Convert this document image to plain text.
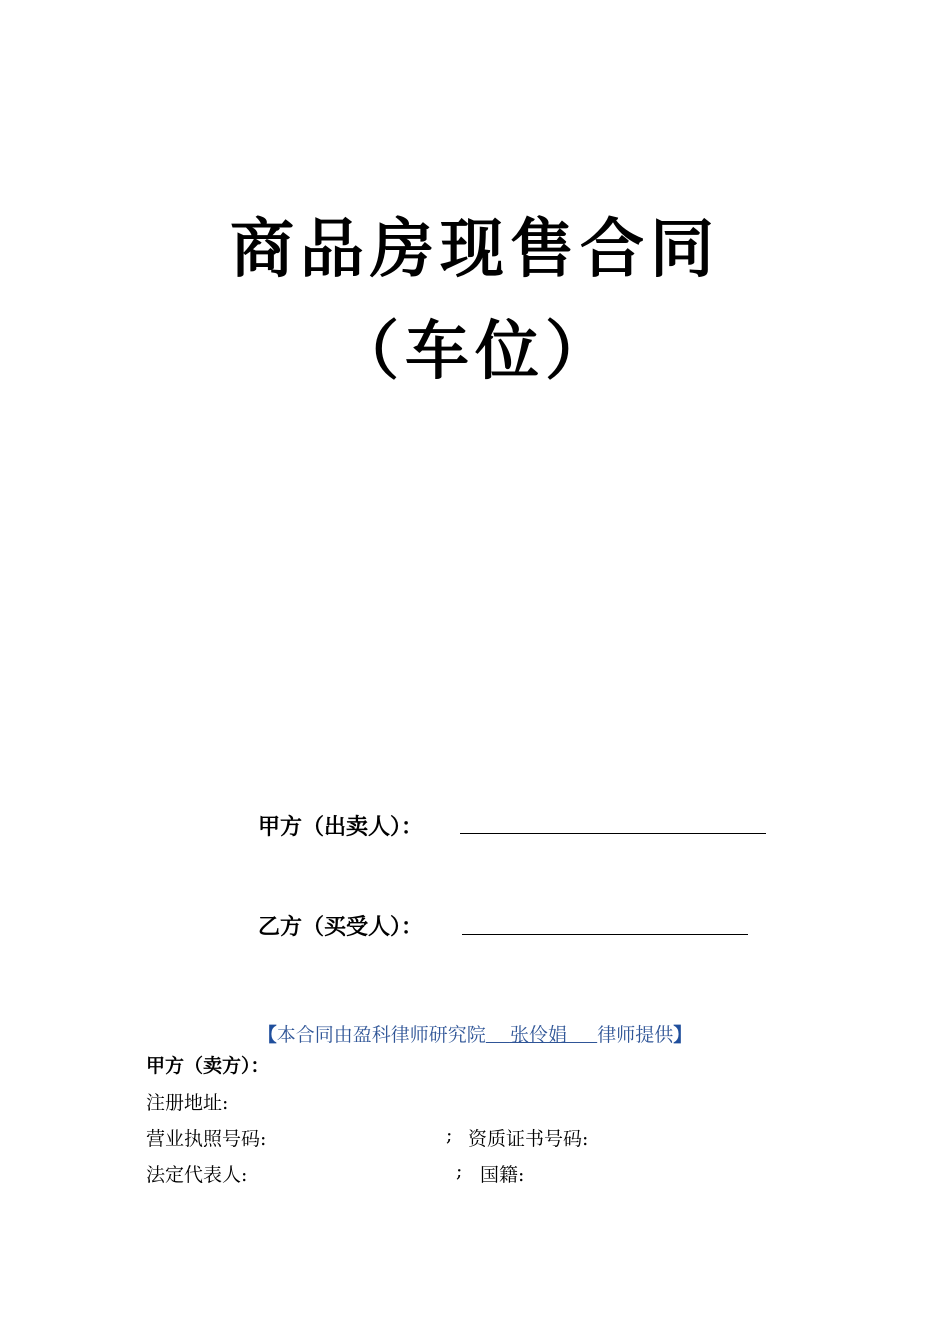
商品房现售合同
（车位）
甲方（出卖人）：
乙方（买受人）：
【本合同由盈科律师研究院 张伶娟 律师提供】
甲方（卖方）：
注册地址:
营业执照号码:	; 资质证书号码:
法定代表人:	; 国籍:
